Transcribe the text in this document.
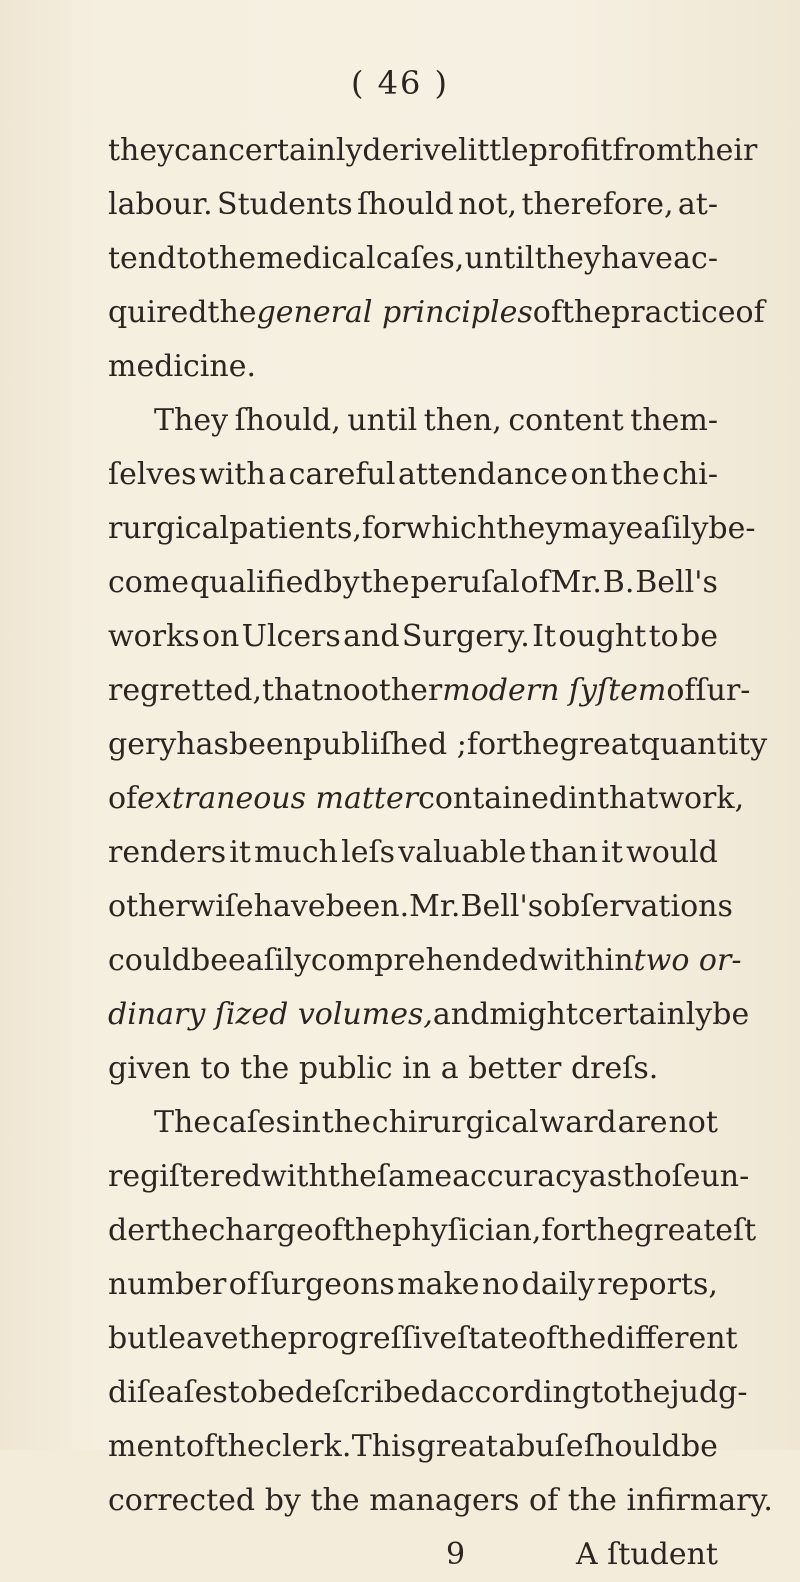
( 46 )
they can certainly derive little profit from their
labour. Students ſhould not, therefore, at-
tend to the medical caſes, until they have ac-
quired the general principles of the practice of
medicine.
They ſhould, until then, content them-
ſelves with a careful attendance on the chi-
rurgical patients, for which they may eaſily be-
come qualified by the peruſal of Mr. B. Bell's
works on Ulcers and Surgery. It ought to be
regretted, that no other modern ſyſtem of ſur-
gery has been publiſhed ; for the great quantity
of extraneous matter contained in that work,
renders it much leſs valuable than it would
otherwiſe have been. Mr. Bell's obſervations
could be eaſily comprehended within two or-
dinary ſized volumes, and might certainly be
given to the public in a better dreſs.
The caſes in the chirurgical ward are not
regiſtered with the ſame accuracy as thoſe un-
der the charge of the phyſician, for the greateſt
number of ſurgeons make no daily reports,
but leave the progreſſive ſtate of the different
diſeaſes to be deſcribed according to the judg-
ment of the clerk. This great abuſe ſhould be
corrected by the managers of the infirmary.
9	A ſtudent
